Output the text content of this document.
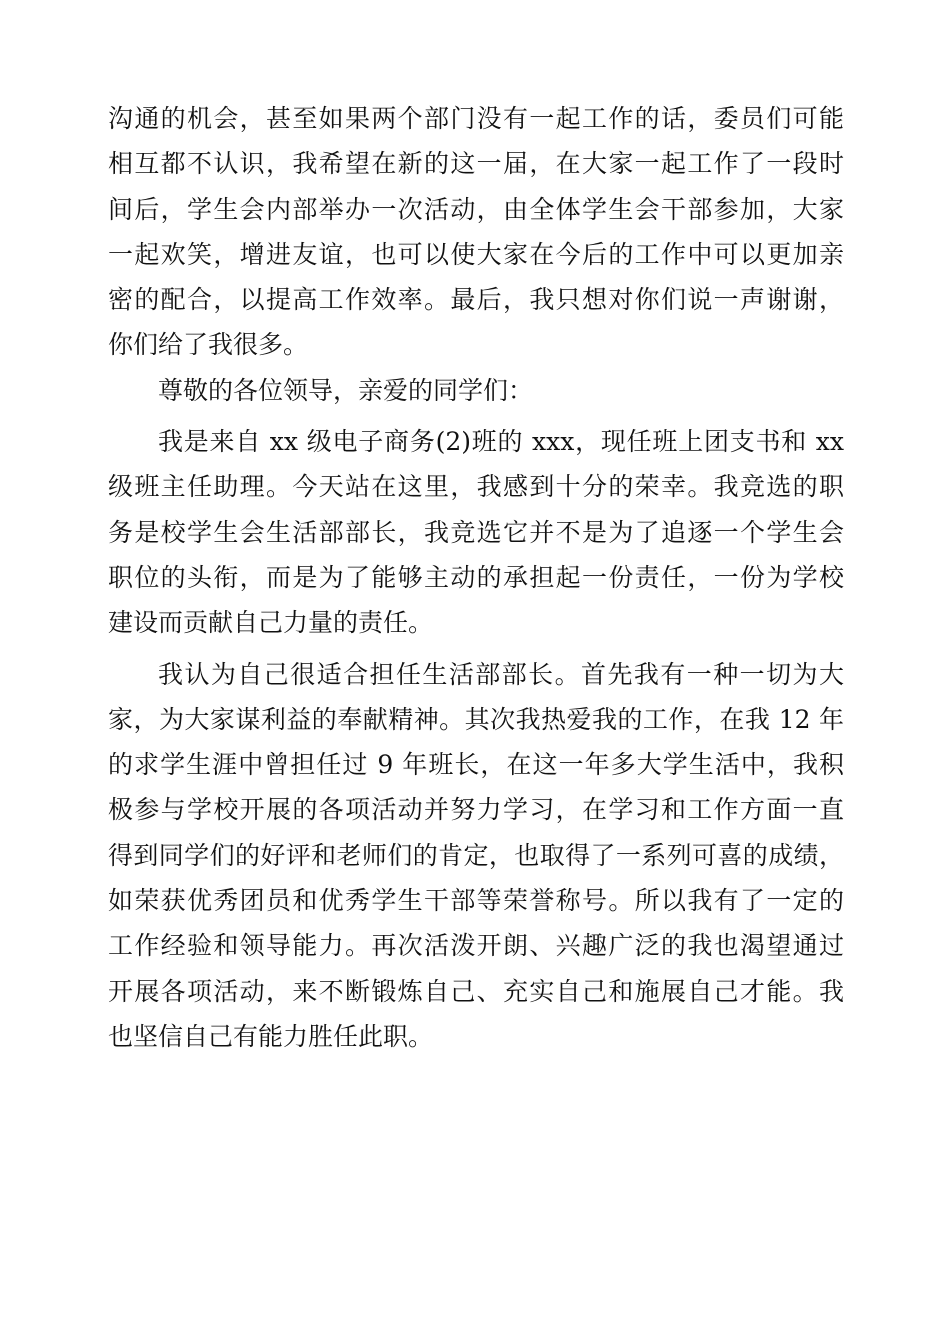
沟通的机会，甚至如果两个部门没有一起工作的话，委员们可能
相互都不认识，我希望在新的这一届，在大家一起工作了一段时
间后，学生会内部举办一次活动，由全体学生会干部参加，大家
一起欢笑，增进友谊，也可以使大家在今后的工作中可以更加亲
密的配合，以提高工作效率。最后，我只想对你们说一声谢谢，
你们给了我很多。
尊敬的各位领导，亲爱的同学们：
我是来自 xx 级电子商务(2)班的 xxx，现任班上团支书和 xx
级班主任助理。今天站在这里，我感到十分的荣幸。我竞选的职
务是校学生会生活部部长，我竞选它并不是为了追逐一个学生会
职位的头衔，而是为了能够主动的承担起一份责任，一份为学校
建设而贡献自己力量的责任。
我认为自己很适合担任生活部部长。首先我有一种一切为大
家，为大家谋利益的奉献精神。其次我热爱我的工作，在我 12 年
的求学生涯中曾担任过 9 年班长，在这一年多大学生活中，我积
极参与学校开展的各项活动并努力学习，在学习和工作方面一直
得到同学们的好评和老师们的肯定，也取得了一系列可喜的成绩，
如荣获优秀团员和优秀学生干部等荣誉称号。所以我有了一定的
工作经验和领导能力。再次活泼开朗、兴趣广泛的我也渴望通过
开展各项活动，来不断锻炼自己、充实自己和施展自己才能。我
也坚信自己有能力胜任此职。
